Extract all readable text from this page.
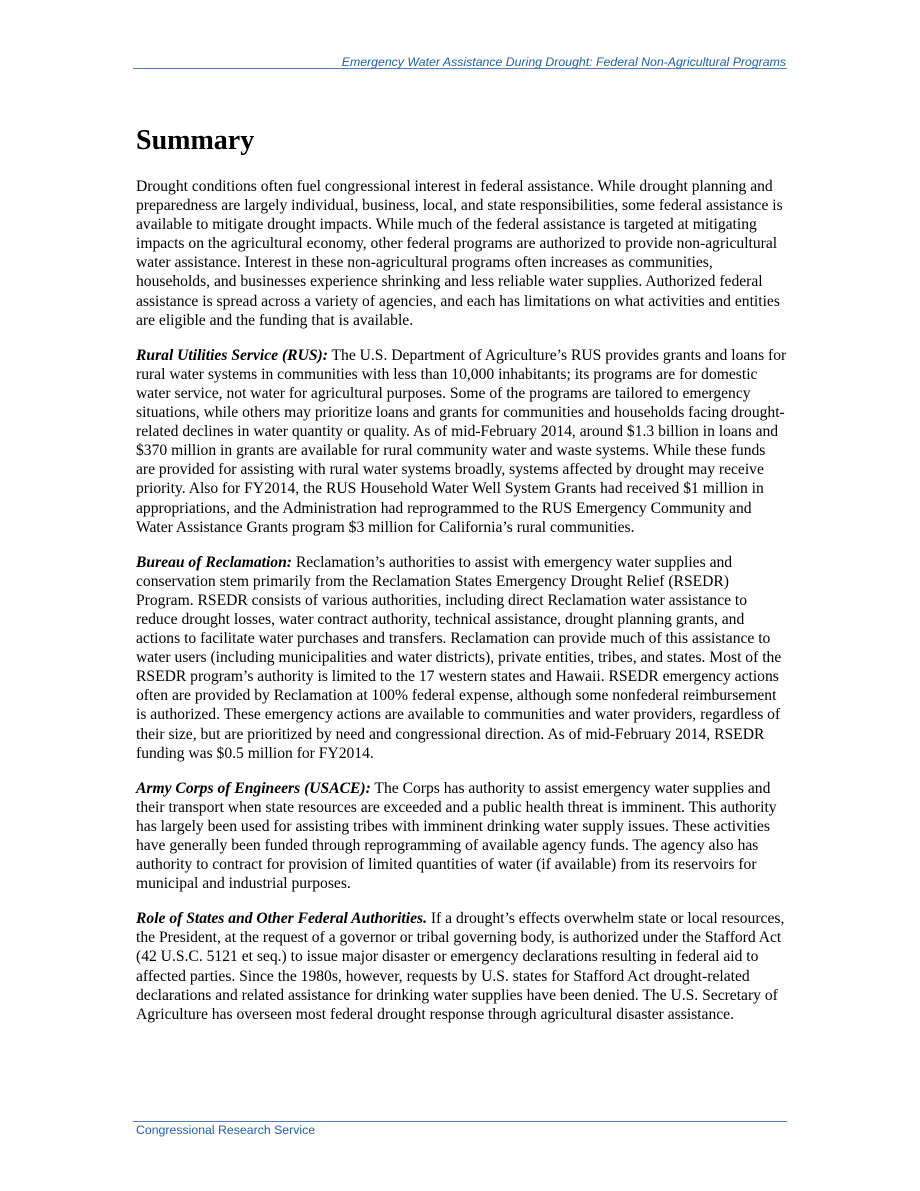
Emergency Water Assistance During Drought: Federal Non-Agricultural Programs
Summary

Drought conditions often fuel congressional interest in federal assistance. While drought planning and preparedness are largely individual, business, local, and state responsibilities, some federal assistance is available to mitigate drought impacts. While much of the federal assistance is targeted at mitigating impacts on the agricultural economy, other federal programs are authorized to provide non-agricultural water assistance. Interest in these non-agricultural programs often increases as communities, households, and businesses experience shrinking and less reliable water supplies. Authorized federal assistance is spread across a variety of agencies, and each has limitations on what activities and entities are eligible and the funding that is available.

Rural Utilities Service (RUS): The U.S. Department of Agriculture’s RUS provides grants and loans for rural water systems in communities with less than 10,000 inhabitants; its programs are for domestic water service, not water for agricultural purposes. Some of the programs are tailored to emergency situations, while others may prioritize loans and grants for communities and households facing drought-related declines in water quantity or quality. As of mid-February 2014, around $1.3 billion in loans and $370 million in grants are available for rural community water and waste systems. While these funds are provided for assisting with rural water systems broadly, systems affected by drought may receive priority. Also for FY2014, the RUS Household Water Well System Grants had received $1 million in appropriations, and the Administration had reprogrammed to the RUS Emergency Community and Water Assistance Grants program $3 million for California’s rural communities.

Bureau of Reclamation: Reclamation’s authorities to assist with emergency water supplies and conservation stem primarily from the Reclamation States Emergency Drought Relief (RSEDR) Program. RSEDR consists of various authorities, including direct Reclamation water assistance to reduce drought losses, water contract authority, technical assistance, drought planning grants, and actions to facilitate water purchases and transfers. Reclamation can provide much of this assistance to water users (including municipalities and water districts), private entities, tribes, and states. Most of the RSEDR program’s authority is limited to the 17 western states and Hawaii. RSEDR emergency actions often are provided by Reclamation at 100% federal expense, although some nonfederal reimbursement is authorized. These emergency actions are available to communities and water providers, regardless of their size, but are prioritized by need and congressional direction. As of mid-February 2014, RSEDR funding was $0.5 million for FY2014.

Army Corps of Engineers (USACE): The Corps has authority to assist emergency water supplies and their transport when state resources are exceeded and a public health threat is imminent. This authority has largely been used for assisting tribes with imminent drinking water supply issues. These activities have generally been funded through reprogramming of available agency funds. The agency also has authority to contract for provision of limited quantities of water (if available) from its reservoirs for municipal and industrial purposes.

Role of States and Other Federal Authorities. If a drought’s effects overwhelm state or local resources, the President, at the request of a governor or tribal governing body, is authorized under the Stafford Act (42 U.S.C. 5121 et seq.) to issue major disaster or emergency declarations resulting in federal aid to affected parties. Since the 1980s, however, requests by U.S. states for Stafford Act drought-related declarations and related assistance for drinking water supplies have been denied. The U.S. Secretary of Agriculture has overseen most federal drought response through agricultural disaster assistance.

Congressional Research Service
